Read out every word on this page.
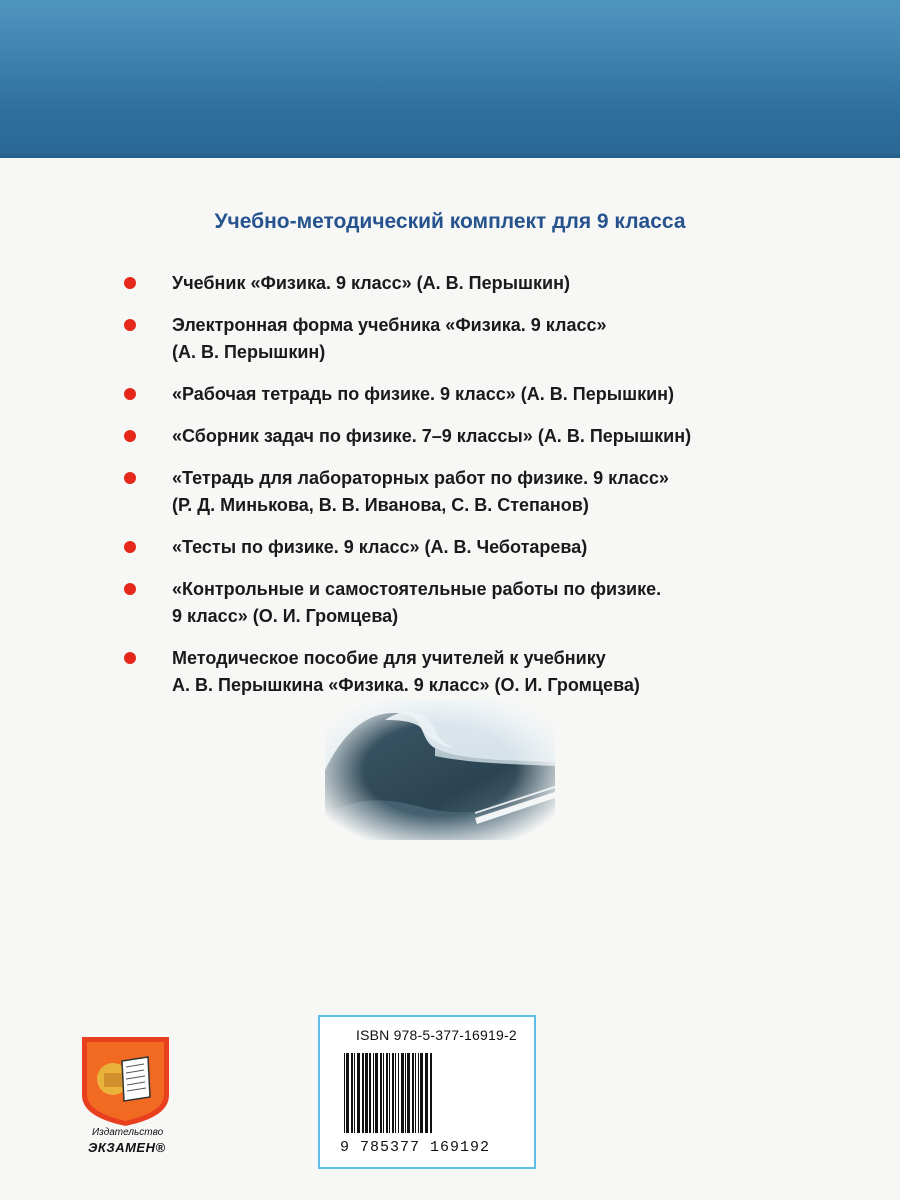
Учебно-методический комплект для 9 класса
Учебник «Физика. 9 класс» (А. В. Перышкин)
Электронная форма учебника «Физика. 9 класс»
(А. В. Перышкин)
«Рабочая тетрадь по физике. 9 класс» (А. В. Перышкин)
«Сборник задач по физике. 7–9 классы» (А. В. Перышкин)
«Тетрадь для лабораторных работ по физике. 9 класс»
(Р. Д. Минькова, В. В. Иванова, С. В. Степанов)
«Тесты по физике. 9 класс» (А. В. Чеботарева)
«Контрольные и самостоятельные работы по физике.
9 класс» (О. И. Громцева)
Методическое пособие для учителей к учебнику
А. В. Перышкина «Физика. 9 класс» (О. И. Громцева)
Издательство
ЭКЗАМЕН®
ISBN 978-5-377-16919-2
9 785377 169192
